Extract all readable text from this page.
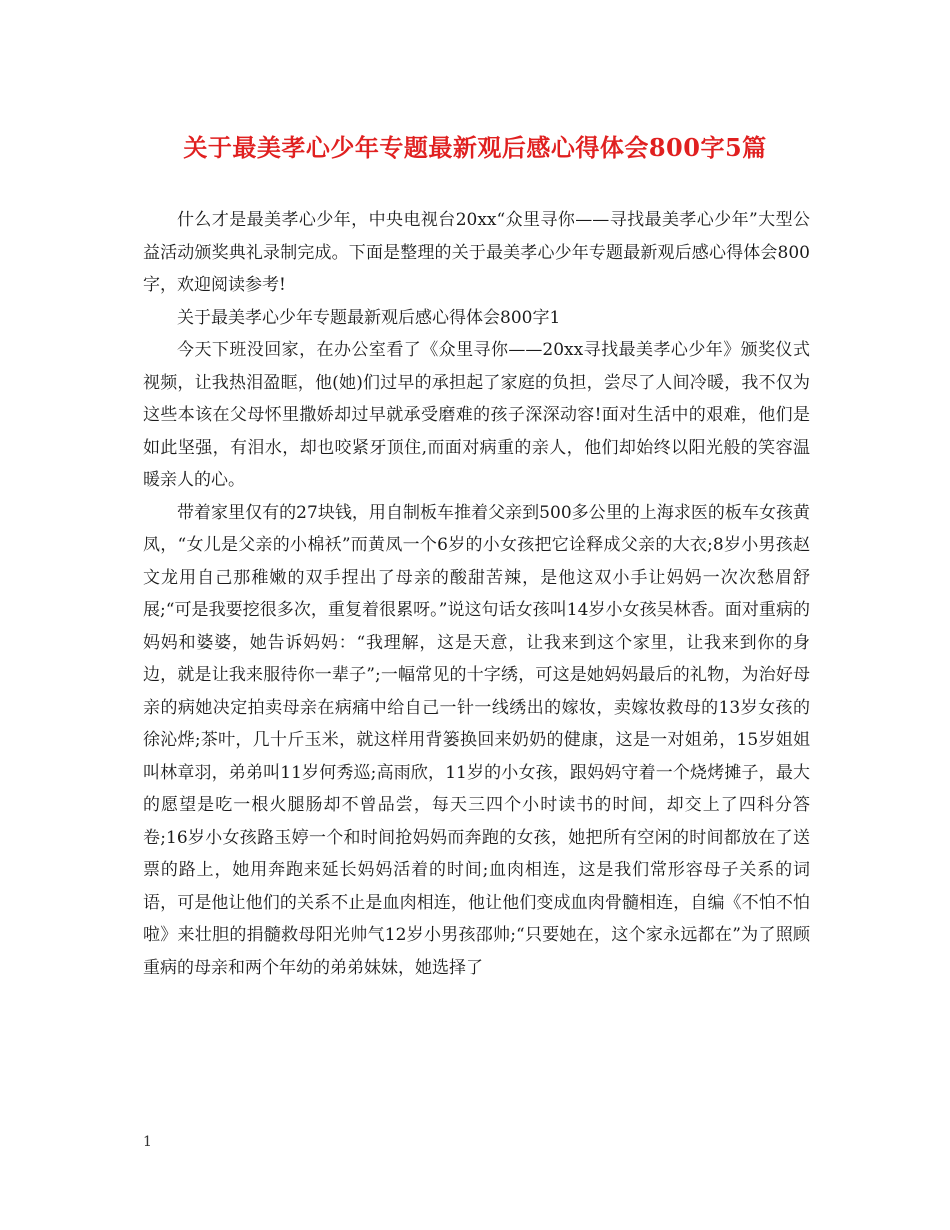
关于最美孝心少年专题最新观后感心得体会800字5篇

什么才是最美孝心少年，中央电视台20xx“众里寻你——寻找最美孝心少年”大型公益活动颁奖典礼录制完成。下面是整理的关于最美孝心少年专题最新观后感心得体会800字，欢迎阅读参考!

关于最美孝心少年专题最新观后感心得体会800字1

今天下班没回家，在办公室看了《众里寻你——20xx寻找最美孝心少年》颁奖仪式视频，让我热泪盈眶，他(她)们过早的承担起了家庭的负担，尝尽了人间冷暖，我不仅为这些本该在父母怀里撒娇却过早就承受磨难的孩子深深动容!面对生活中的艰难，他们是如此坚强，有泪水，却也咬紧牙顶住,而面对病重的亲人，他们却始终以阳光般的笑容温暖亲人的心。

带着家里仅有的27块钱，用自制板车推着父亲到500多公里的上海求医的板车女孩黄凤，“女儿是父亲的小棉袄”而黄凤一个6岁的小女孩把它诠释成父亲的大衣;8岁小男孩赵文龙用自己那稚嫩的双手捏出了母亲的酸甜苦辣，是他这双小手让妈妈一次次愁眉舒展;“可是我要挖很多次，重复着很累呀。”说这句话女孩叫14岁小女孩吴林香。面对重病的妈妈和婆婆，她告诉妈妈：“我理解，这是天意，让我来到这个家里，让我来到你的身边，就是让我来服待你一辈子”;一幅常见的十字绣，可这是她妈妈最后的礼物，为治好母亲的病她决定拍卖母亲在病痛中给自己一针一线绣出的嫁妆，卖嫁妆救母的13岁女孩的徐沁烨;茶叶，几十斤玉米，就这样用背篓换回来奶奶的健康，这是一对姐弟，15岁姐姐叫林章羽，弟弟叫11岁何秀巡;高雨欣，11岁的小女孩，跟妈妈守着一个烧烤摊子，最大的愿望是吃一根火腿肠却不曾品尝，每天三四个小时读书的时间，却交上了四科分答卷;16岁小女孩路玉婷一个和时间抢妈妈而奔跑的女孩，她把所有空闲的时间都放在了送票的路上，她用奔跑来延长妈妈活着的时间;血肉相连，这是我们常形容母子关系的词语，可是他让他们的关系不止是血肉相连，他让他们变成血肉骨髓相连，自编《不怕不怕啦》来壮胆的捐髓救母阳光帅气12岁小男孩邵帅;“只要她在，这个家永远都在”为了照顾重病的母亲和两个年幼的弟弟妹妹，她选择了

1
